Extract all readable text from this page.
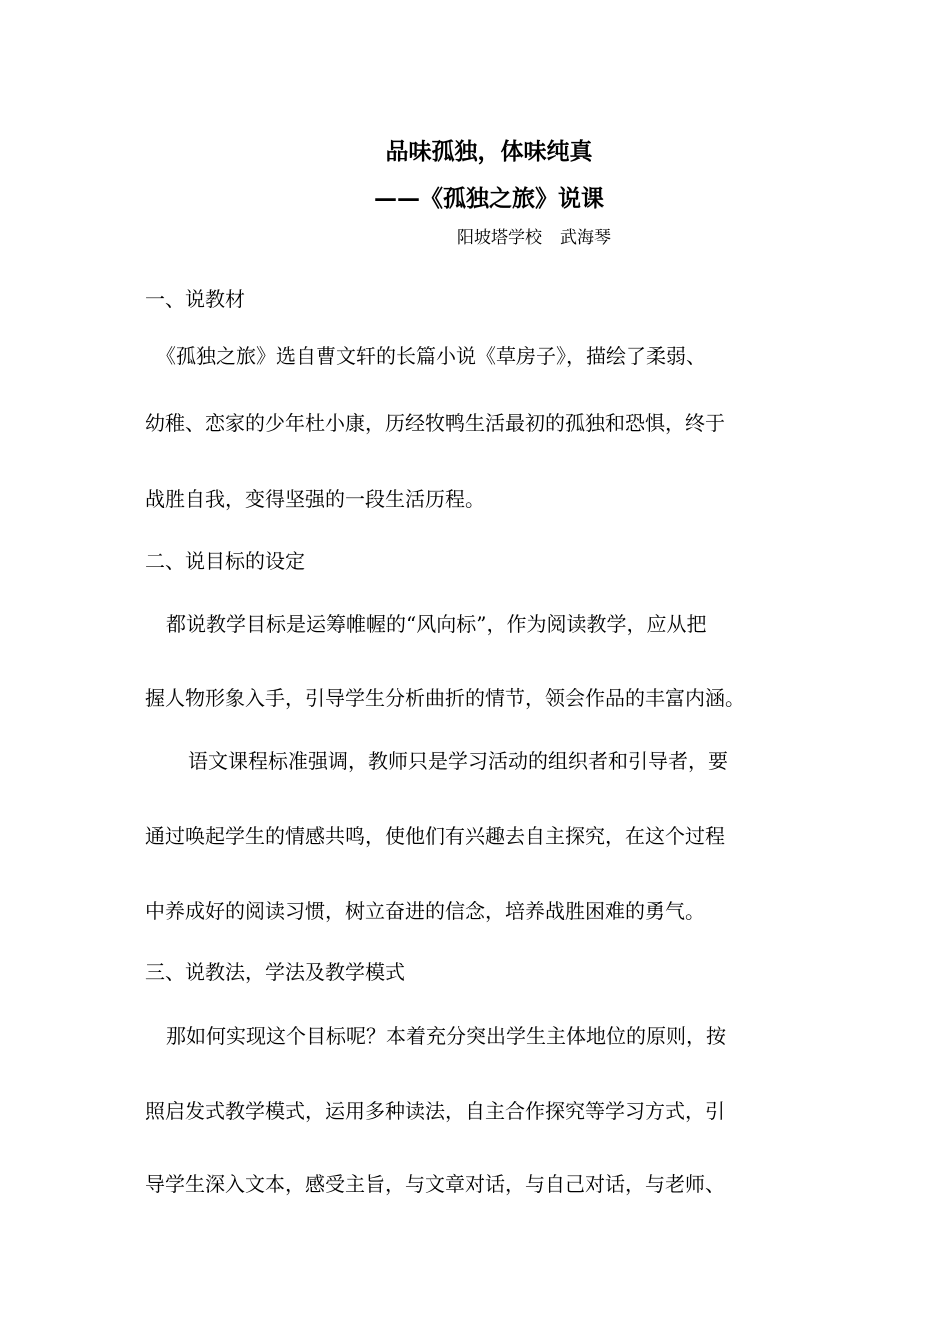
品味孤独，体味纯真
——《孤独之旅》说课
阳坡塔学校 武海琴
一、说教材
《孤独之旅》选自曹文轩的长篇小说《草房子》，描绘了柔弱、
幼稚、恋家的少年杜小康，历经牧鸭生活最初的孤独和恐惧，终于
战胜自我，变得坚强的一段生活历程。
二、说目标的设定
都说教学目标是运筹帷幄的“风向标”，作为阅读教学，应从把
握人物形象入手，引导学生分析曲折的情节，领会作品的丰富内涵。
语文课程标准强调，教师只是学习活动的组织者和引导者，要
通过唤起学生的情感共鸣，使他们有兴趣去自主探究，在这个过程
中养成好的阅读习惯，树立奋进的信念，培养战胜困难的勇气。
三、说教法，学法及教学模式
那如何实现这个目标呢？本着充分突出学生主体地位的原则，按
照启发式教学模式，运用多种读法，自主合作探究等学习方式，引
导学生深入文本，感受主旨，与文章对话，与自己对话，与老师、
